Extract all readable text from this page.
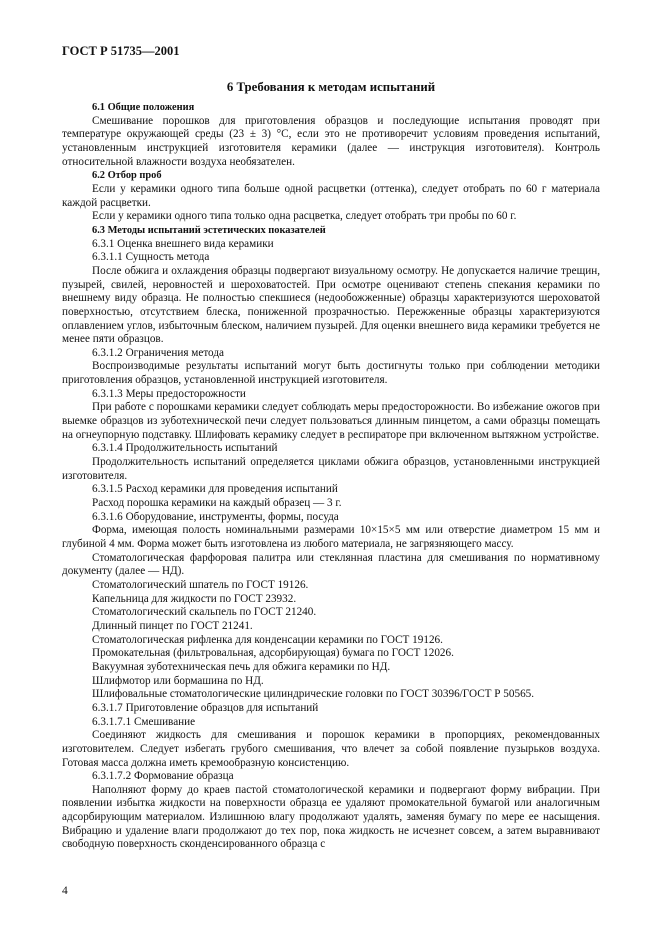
ГОСТ Р 51735—2001
6 Требования к методам испытаний

6.1 Общие положения

Смешивание порошков для приготовления образцов и последующие испытания проводят при температуре окружающей среды (23 ± 3) °С, если это не противоречит условиям проведения испытаний, установленным инструкцией изготовителя керамики (далее — инструкция изготовителя). Контроль относительной влажности воздуха необязателен.

6.2 Отбор проб

Если у керамики одного типа больше одной расцветки (оттенка), следует отобрать по 60 г материала каждой расцветки.

Если у керамики одного типа только одна расцветка, следует отобрать три пробы по 60 г.

6.3 Методы испытаний эстетических показателей

6.3.1 Оценка внешнего вида керамики

6.3.1.1 Сущность метода

После обжига и охлаждения образцы подвергают визуальному осмотру. Не допускается наличие трещин, пузырей, свилей, неровностей и шероховатостей. При осмотре оценивают степень спекания керамики по внешнему виду образца. Не полностью спекшиеся (недообожженные) образцы характеризуются шероховатой поверхностью, отсутствием блеска, пониженной прозрачностью. Пережженные образцы характеризуются оплавлением углов, избыточным блеском, наличием пузырей. Для оценки внешнего вида керамики требуется не менее пяти образцов.

6.3.1.2 Ограничения метода

Воспроизводимые результаты испытаний могут быть достигнуты только при соблюдении методики приготовления образцов, установленной инструкцией изготовителя.

6.3.1.3 Меры предосторожности

При работе с порошками керамики следует соблюдать меры предосторожности. Во избежание ожогов при выемке образцов из зуботехнической печи следует пользоваться длинным пинцетом, а сами образцы помещать на огнеупорную подставку. Шлифовать керамику следует в респираторе при включенном вытяжном устройстве.

6.3.1.4 Продолжительность испытаний

Продолжительность испытаний определяется циклами обжига образцов, установленными инструкцией изготовителя.

6.3.1.5 Расход керамики для проведения испытаний

Расход порошка керамики на каждый образец — 3 г.

6.3.1.6 Оборудование, инструменты, формы, посуда

Форма, имеющая полость номинальными размерами 10×15×5 мм или отверстие диаметром 15 мм и глубиной 4 мм. Форма может быть изготовлена из любого материала, не загрязняющего массу.

Стоматологическая фарфоровая палитра или стеклянная пластина для смешивания по нормативному документу (далее — НД).

Стоматологический шпатель по ГОСТ 19126.

Капельница для жидкости по ГОСТ 23932.

Стоматологический скальпель по ГОСТ 21240.

Длинный пинцет по ГОСТ 21241.

Стоматологическая рифленка для конденсации керамики по ГОСТ 19126.

Промокательная (фильтровальная, адсорбирующая) бумага по ГОСТ 12026.

Вакуумная зуботехническая печь для обжига керамики по НД.

Шлифмотор или бормашина по НД.

Шлифовальные стоматологические цилиндрические головки по ГОСТ 30396/ГОСТ Р 50565.

6.3.1.7 Приготовление образцов для испытаний

6.3.1.7.1 Смешивание

Соединяют жидкость для смешивания и порошок керамики в пропорциях, рекомендованных изготовителем. Следует избегать грубого смешивания, что влечет за собой появление пузырьков воздуха. Готовая масса должна иметь кремообразную консистенцию.

6.3.1.7.2 Формование образца

Наполняют форму до краев пастой стоматологической керамики и подвергают форму вибрации. При появлении избытка жидкости на поверхности образца ее удаляют промокательной бумагой или аналогичным адсорбирующим материалом. Излишнюю влагу продолжают удалять, заменяя бумагу по мере ее насыщения. Вибрацию и удаление влаги продолжают до тех пор, пока жидкость не исчезнет совсем, а затем выравнивают свободную поверхность сконденсированного образца с

4
